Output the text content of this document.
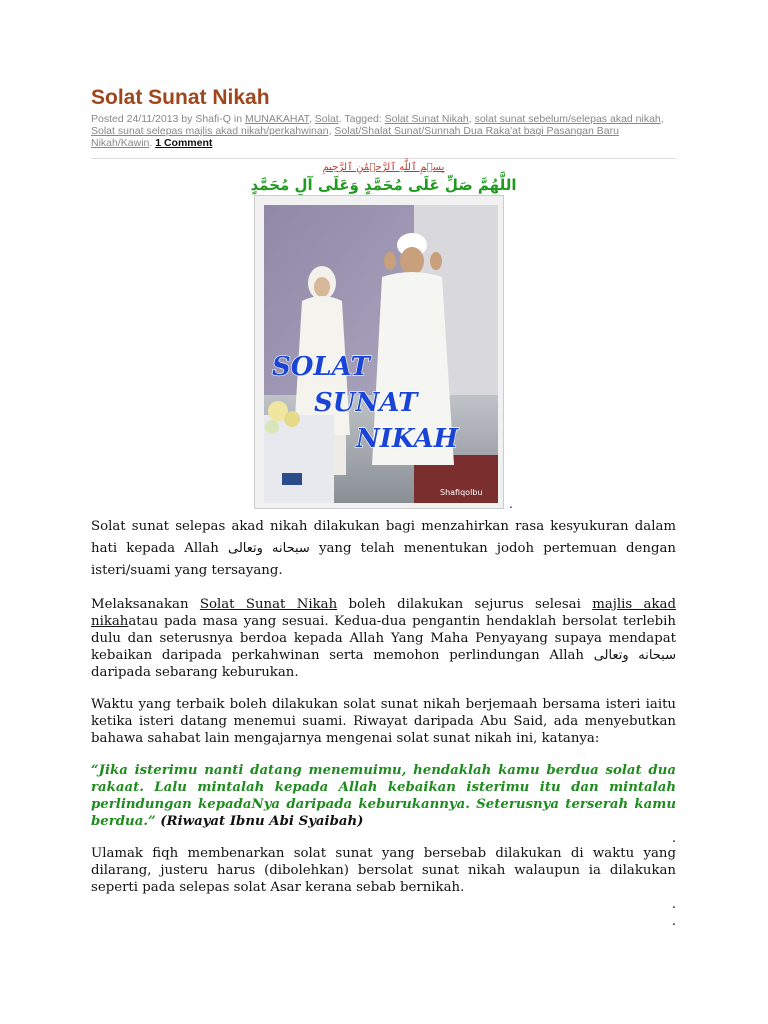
Solat Sunat Nikah
Posted 24/11/2013 by Shafi-Q in MUNAKAHAT, Solat. Tagged: Solat Sunat Nikah, solat sunat sebelum/selepas akad nikah, Solat sunat selepas majlis akad nikah/perkahwinan, Solat/Shalat Sunat/Sunnah Dua Raka'at bagi Pasangan Baru Nikah/Kawin. 1 Comment
بِسۡمِ ٱللَّهِ ٱلرَّحۡمَٰنِ ٱلرَّحِيمِ
اللَّهُمَّ صَلِّ عَلَى مُحَمَّدٍ وَعَلَى آلِ مُحَمَّدٍ
SOLAT
SUNAT
NIKAH
Shafiqolbu
.

Solat sunat selepas akad nikah dilakukan bagi menzahirkan rasa kesyukuran dalam hati kepada Allah سبحانه وتعالى yang telah menentukan jodoh pertemuan dengan isteri/suami yang tersayang.

Melaksanakan Solat Sunat Nikah boleh dilakukan sejurus selesai majlis akad nikahatau pada masa yang sesuai. Kedua-dua pengantin hendaklah bersolat terlebih dulu dan seterusnya berdoa kepada Allah Yang Maha Penyayang supaya mendapat kebaikan daripada perkahwinan serta memohon perlindungan Allah سبحانه وتعالى daripada sebarang keburukan.

Waktu yang terbaik boleh dilakukan solat sunat nikah berjemaah bersama isteri iaitu ketika isteri datang menemui suami. Riwayat daripada Abu Said, ada menyebutkan bahawa sahabat lain mengajarnya mengenai solat sunat nikah ini, katanya:

“Jika isterimu nanti datang menemuimu, hendaklah kamu berdua solat dua rakaat. Lalu mintalah kepada Allah kebaikan isterimu itu dan mintalah perlindungan kepadaNya daripada keburukannya. Seterusnya terserah kamu berdua.” (Riwayat Ibnu Abi Syaibah)

.

Ulamak fiqh membenarkan solat sunat yang bersebab dilakukan di waktu yang dilarang, justeru harus (dibolehkan) bersolat sunat nikah walaupun ia dilakukan seperti pada selepas solat Asar kerana sebab bernikah.

.
.
